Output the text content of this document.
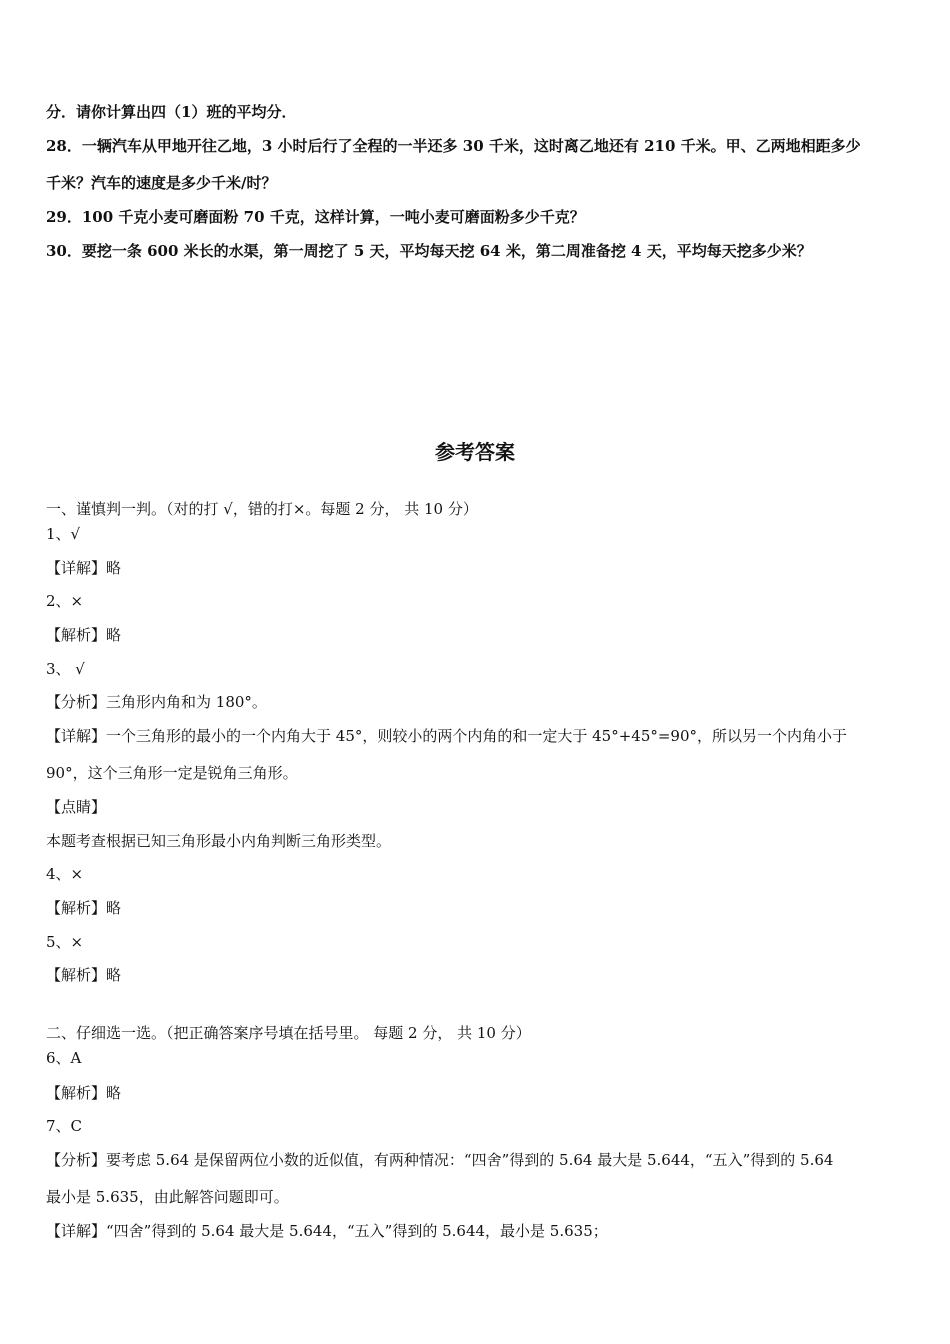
分．请你计算出四（1）班的平均分．
28．一辆汽车从甲地开往乙地，3 小时后行了全程的一半还多 30 千米，这时离乙地还有 210 千米。甲、乙两地相距多少
千米？汽车的速度是多少千米/时？
29．100 千克小麦可磨面粉 70 千克，这样计算，一吨小麦可磨面粉多少千克？
30．要挖一条 600 米长的水渠，第一周挖了 5 天，平均每天挖 64 米，第二周准备挖 4 天，平均每天挖多少米？
参考答案
一、谨慎判一判。（对的打 √，错的打×。每题 2 分， 共 10 分）
1、√
【详解】略
2、×
【解析】略
3、 √
【分析】三角形内角和为 180°。
【详解】一个三角形的最小的一个内角大于 45°，则较小的两个内角的和一定大于 45°+45°=90°，所以另一个内角小于
90°，这个三角形一定是锐角三角形。
【点睛】
本题考查根据已知三角形最小内角判断三角形类型。
4、×
【解析】略
5、×
【解析】略
二、仔细选一选。（把正确答案序号填在括号里。 每题 2 分， 共 10 分）
6、A
【解析】略
7、C
【分析】要考虑 5.64 是保留两位小数的近似值，有两种情况：“四舍”得到的 5.64 最大是 5.644，“五入”得到的 5.64
最小是 5.635，由此解答问题即可。
【详解】“四舍”得到的 5.64 最大是 5.644，“五入”得到的 5.644，最小是 5.635；
